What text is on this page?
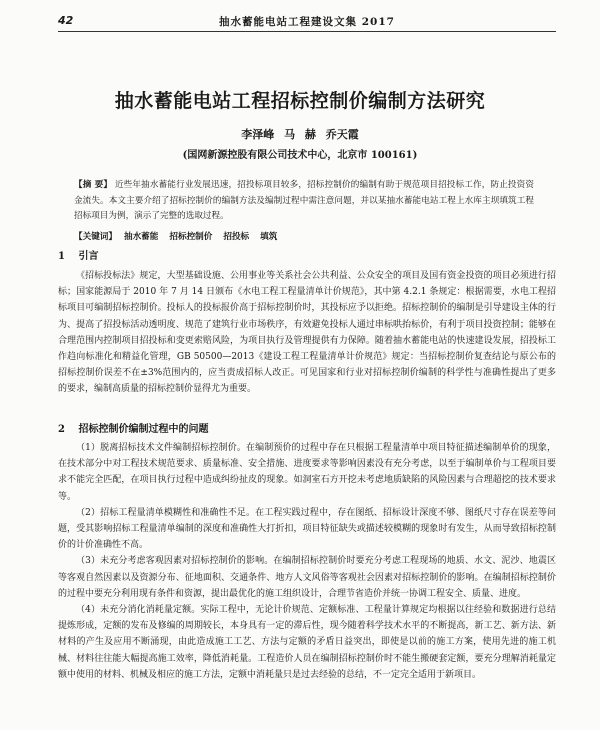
42	抽水蓄能电站工程建设文集 2017
抽水蓄能电站工程招标控制价编制方法研究
李泽峰 马 赫 乔天霞
(国网新源控股有限公司技术中心，北京市 100161)
【摘 要】 近些年抽水蓄能行业发展迅速，招投标项目较多，招标控制价的编制有助于规范项目招投标工作，防止投资资金流失。本文主要介绍了招标控制价的编制方法及编制过程中需注意问题，并以某抽水蓄能电站工程上水库主坝填筑工程招标项目为例，演示了完整的选取过程。
【关键词】 抽水蓄能 招标控制价 招投标 填筑
1 引言

《招标投标法》规定，大型基础设施、公用事业等关系社会公共利益、公众安全的项目及国有资金投资的项目必须进行招标；国家能源局于 2010 年 7 月 14 日颁布《水电工程工程量清单计价规范》，其中第 4.2.1 条规定：根据需要，水电工程招标项目可编制招标控制价。投标人的投标报价高于招标控制价时，其投标应予以拒绝。招标控制价的编制是引导建设主体的行为、提高了招投标活动透明度、规范了建筑行业市场秩序，有效避免投标人通过串标哄抬标价，有利于项目投资控制；能够在合理范围内控制项目招投标和变更索赔风险，为项目执行及管理提供有力保障。随着抽水蓄能电站的快速建设发展，招投标工作趋向标准化和精益化管理，GB 50500—2013《建设工程工程量清单计价规范》规定：当招标控制价复查结论与原公布的招标控制价误差不在±3%范围内的，应当责成招标人改正。可见国家和行业对招标控制价编制的科学性与准确性提出了更多的要求，编制高质量的招标控制价显得尤为重要。

2 招标控制价编制过程中的问题

（1）脱离招标技术文件编制招标控制价。在编制预价的过程中存在只根据工程量清单中项目特征描述编制单价的现象，在技术部分中对工程技术规范要求、质量标准、安全措施、进度要求等影响因素没有充分考虑，以至于编制单价与工程项目要求不能完全匹配，在项目执行过程中造成纠纷扯皮的现象。如洞室石方开挖未考虑地质缺陷的风险因素与合理超挖的技术要求等。

（2）招标工程量清单模糊性和准确性不足。在工程实践过程中，存在图纸、招标设计深度不够、图纸尺寸存在误差等问题，受其影响招标工程量清单编制的深度和准确性大打折扣，项目特征缺失或描述较模糊的现象时有发生，从而导致招标控制价的计价准确性不高。

（3）未充分考虑客观因素对招标控制价的影响。在编制招标控制价时要充分考虑工程现场的地质、水文、泥沙、地震区等客观自然因素以及资源分布、征地面积、交通条件、地方人文风俗等客观社会因素对招标控制价的影响。在编制招标控制价的过程中要充分利用现有条件和资源，提出最优化的施工组织设计，合理节省造价并统一协调工程安全、质量、进度。

（4）未充分消化消耗量定额。实际工程中，无论计价规范、定额标准、工程量计算规定均根据以往经验和数据进行总结提炼形成，定额的发布及修编的周期较长，本身具有一定的滞后性，现今随着科学技术水平的不断提高，新工艺、新方法、新材料的产生及应用不断涌现，由此造成施工工艺、方法与定额的矛盾日益突出，即使是以前的施工方案，使用先进的施工机械、材料往往能大幅提高施工效率，降低消耗量。工程造价人员在编制招标控制价时不能生搬硬套定额，要充分理解消耗量定额中使用的材料、机械及相应的施工方法，定额中消耗量只是过去经验的总结，不一定完全适用于新项目。
